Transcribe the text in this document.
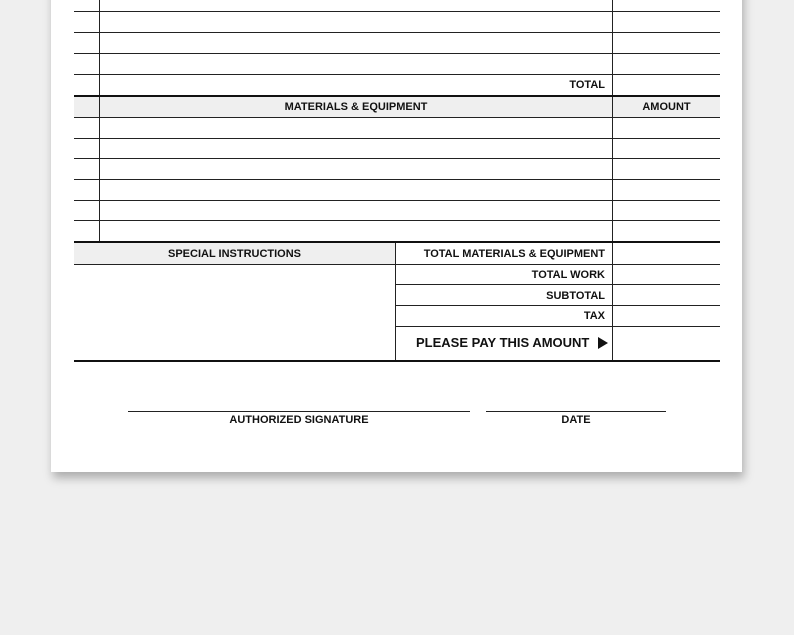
TOTAL
MATERIALS & EQUIPMENT	AMOUNT
SPECIAL INSTRUCTIONS	TOTAL MATERIALS & EQUIPMENT
TOTAL WORK
SUBTOTAL
TAX
PLEASE PAY THIS AMOUNT
AUTHORIZED SIGNATURE	DATE
